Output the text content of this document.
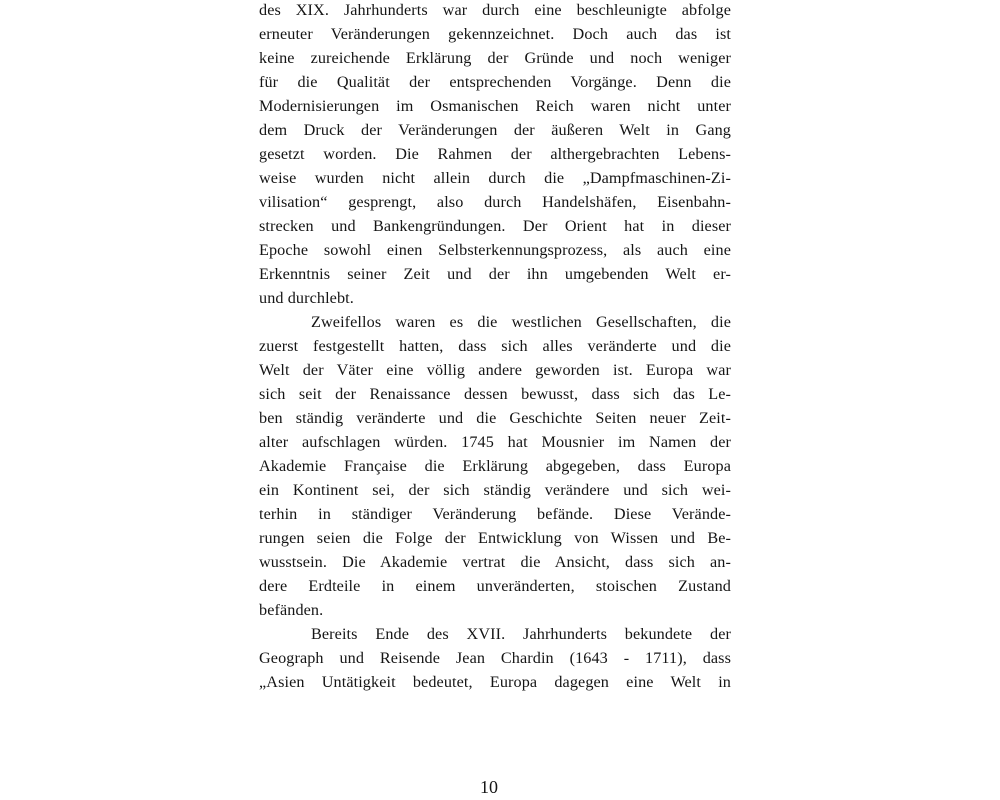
des XIX. Jahrhunderts war durch eine beschleunigte abfolge
erneuter Veränderungen gekennzeichnet. Doch auch das ist
keine zureichende Erklärung der Gründe und noch weniger
für die Qualität der entsprechenden Vorgänge. Denn die
Modernisierungen im Osmanischen Reich waren nicht unter
dem Druck der Veränderungen der äußeren Welt in Gang
gesetzt worden. Die Rahmen der althergebrachten Lebens-
weise wurden nicht allein durch die „Dampfmaschinen-Zi-
vilisation“ gesprengt, also durch Handelshäfen, Eisenbahn-
strecken und Bankengründungen. Der Orient hat in dieser
Epoche sowohl einen Selbsterkennungsprozess, als auch eine
Erkenntnis seiner Zeit und der ihn umgebenden Welt er-
und durchlebt.
Zweifellos waren es die westlichen Gesellschaften, die
zuerst festgestellt hatten, dass sich alles veränderte und die
Welt der Väter eine völlig andere geworden ist. Europa war
sich seit der Renaissance dessen bewusst, dass sich das Le-
ben ständig veränderte und die Geschichte Seiten neuer Zeit-
alter aufschlagen würden. 1745 hat Mousnier im Namen der
Akademie Française die Erklärung abgegeben, dass Europa
ein Kontinent sei, der sich ständig verändere und sich wei-
terhin in ständiger Veränderung befände. Diese Verände-
rungen seien die Folge der Entwicklung von Wissen und Be-
wusstsein. Die Akademie vertrat die Ansicht, dass sich an-
dere Erdteile in einem unveränderten, stoischen Zustand
befänden.
Bereits Ende des XVII. Jahrhunderts bekundete der
Geograph und Reisende Jean Chardin (1643 - 1711), dass
„Asien Untätigkeit bedeutet, Europa dagegen eine Welt in
10
